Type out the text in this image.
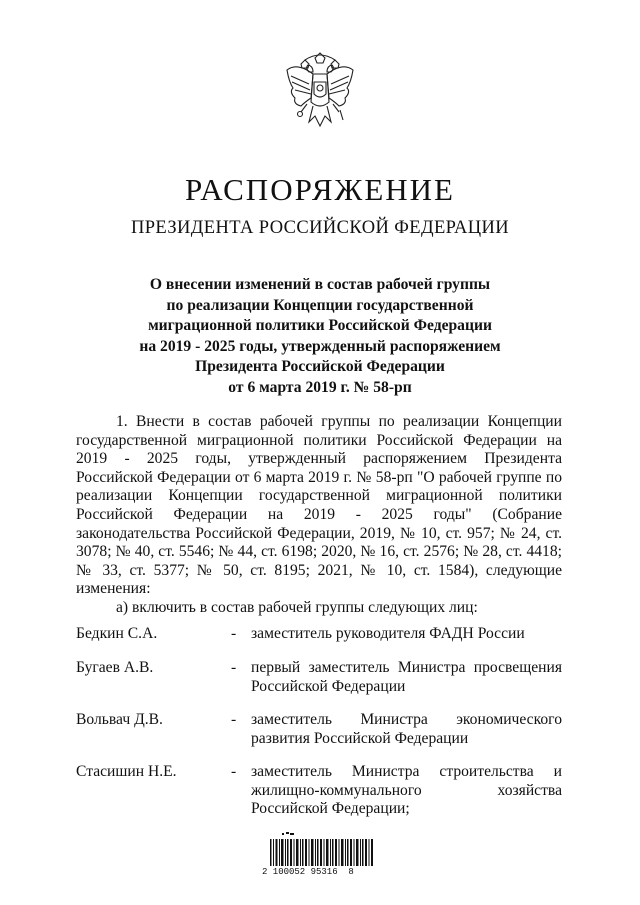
РАСПОРЯЖЕНИЕ
ПРЕЗИДЕНТА РОССИЙСКОЙ ФЕДЕРАЦИИ
О внесении изменений в состав рабочей группы
по реализации Концепции государственной
миграционной политики Российской Федерации
на 2019 - 2025 годы, утвержденный распоряжением
Президента Российской Федерации
от 6 марта 2019 г. № 58-рп
1. Внести в состав рабочей группы по реализации Концепции государственной миграционной политики Российской Федерации на 2019 - 2025 годы, утвержденный распоряжением Президента Российской Федерации от 6 марта 2019 г. № 58-рп "О рабочей группе по реализации Концепции государственной миграционной политики Российской Федерации на 2019 - 2025 годы" (Собрание законодательства Российской Федерации, 2019, № 10, ст. 957; № 24, ст. 3078; № 40, ст. 5546; № 44, ст. 6198; 2020, № 16, ст. 2576; № 28, ст. 4418; № 33, ст. 5377; № 50, ст. 8195; 2021, № 10, ст. 1584), следующие изменения:
а) включить в состав рабочей группы следующих лиц:
Бедкин С.А.	- заместитель руководителя ФАДН России
Бугаев А.В.	- первый заместитель Министра просвещения Российской Федерации
Вольвач Д.В.	- заместитель Министра экономического развития Российской Федерации
Стасишин Н.Е.	- заместитель Министра строительства и жилищно-коммунального хозяйства Российской Федерации;
2 100052 95316  8
